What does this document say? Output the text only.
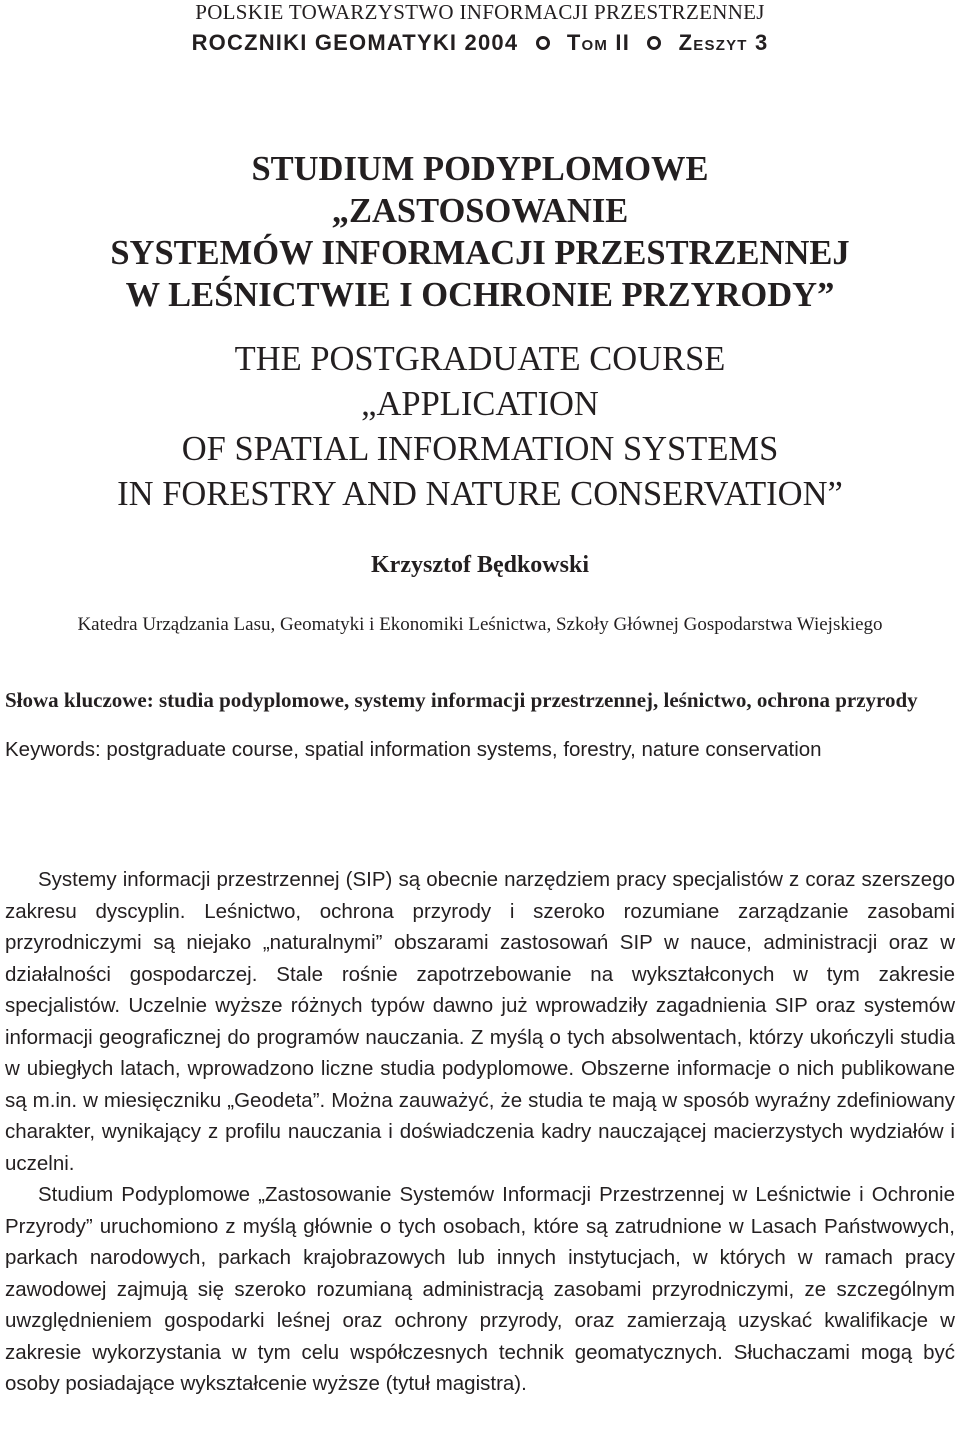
POLSKIE TOWARZYSTWO INFORMACJI PRZESTRZENNEJ
ROCZNIKI GEOMATYKI 2004 Tom II Zeszyt 3
STUDIUM PODYPLOMOWE
„ZASTOSOWANIE
SYSTEMÓW INFORMACJI PRZESTRZENNEJ
W LEŚNICTWIE I OCHRONIE PRZYRODY”
THE POSTGRADUATE COURSE
„APPLICATION
OF SPATIAL INFORMATION SYSTEMS
IN FORESTRY AND NATURE CONSERVATION”
Krzysztof Będkowski
Katedra Urządzania Lasu, Geomatyki i Ekonomiki Leśnictwa, Szkoły Głównej Gospodarstwa Wiejskiego
Słowa kluczowe: studia podyplomowe, systemy informacji przestrzennej, leśnictwo, ochrona przyrody
Keywords: postgraduate course, spatial information systems, forestry, nature conservation

Systemy informacji przestrzennej (SIP) są obecnie narzędziem pracy specjalistów z coraz szerszego zakresu dyscyplin. Leśnictwo, ochrona przyrody i szeroko rozumiane zarządzanie zasobami przyrodniczymi są niejako „naturalnymi” obszarami zastosowań SIP w nauce, administracji oraz w działalności gospodarczej. Stale rośnie zapotrzebowanie na wykształconych w tym zakresie specjalistów. Uczelnie wyższe różnych typów dawno już wprowadziły zagadnienia SIP oraz systemów informacji geograficznej do programów nauczania. Z myślą o tych absolwentach, którzy ukończyli studia w ubiegłych latach, wprowadzono liczne studia podyplomowe. Obszerne informacje o nich publikowane są m.in. w miesięczniku „Geodeta”. Można zauważyć, że studia te mają w sposób wyraźny zdefiniowany charakter, wynikający z profilu nauczania i doświadczenia kadry nauczającej macierzystych wydziałów i uczelni.

Studium Podyplomowe „Zastosowanie Systemów Informacji Przestrzennej w Leśnictwie i Ochronie Przyrody” uruchomiono z myślą głównie o tych osobach, które są zatrudnione w Lasach Państwowych, parkach narodowych, parkach krajobrazowych lub innych instytucjach, w których w ramach pracy zawodowej zajmują się szeroko rozumianą administracją zasobami przyrodniczymi, ze szczególnym uwzględnieniem gospodarki leśnej oraz ochrony przyrody, oraz zamierzają uzyskać kwalifikacje w zakresie wykorzystania w tym celu współczesnych technik geomatycznych. Słuchaczami mogą być osoby posiadające wykształcenie wyższe (tytuł magistra).
